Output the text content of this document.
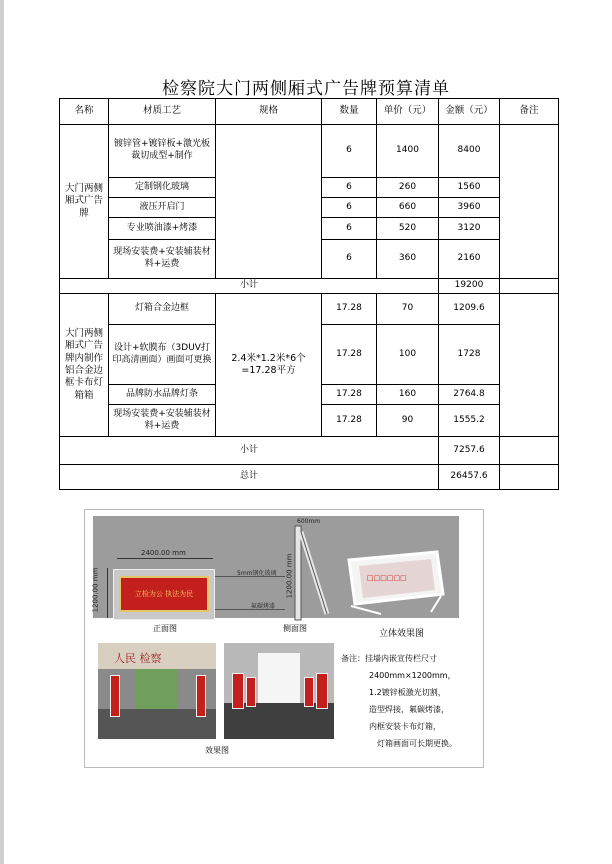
检察院大门两侧厢式广告牌预算清单
名称	材质工艺	规格	数量	单价（元）	金额（元）	备注
大门两侧厢式广告牌	镀锌管+镀锌板+激光板裁切成型+制作		6	1400	8400	
	定制钢化玻璃		6	260	1560	
	液压开启门		6	660	3960	
	专业喷油漆+烤漆		6	520	3120	
	现场安装费+安装辅装材料+运费		6	360	2160	
小计					19200	
大门两侧厢式广告牌内制作铝合金边框卡布灯箱箱	灯箱合金边框	2.4米*1.2米*6个=17.28平方	17.28	70	1209.6	
	设计+软膜布（3DUV打印高清画面）画面可更换		17.28	100	1728	
	品牌防水品牌灯条		17.28	160	2764.8	
	现场安装费+安装辅装材料+运费		17.28	90	1555.2	
小计					7257.6	
总计					26457.6	
2400.00 mm
1200.00 mm	立检为公 执法为民
5mm钢化玻璃
氟碳烤漆
1200.00 mm
600mm
□□□□□□
正面图	侧面图
立体效果图
人民 检察
效果图
备注：挂墙内嵌宣传栏尺寸
2400mm×1200mm，
1.2镀锌板激光切割，
造型焊接，氟碳烤漆，
内框安装卡布灯箱，
灯箱画面可长期更换。
